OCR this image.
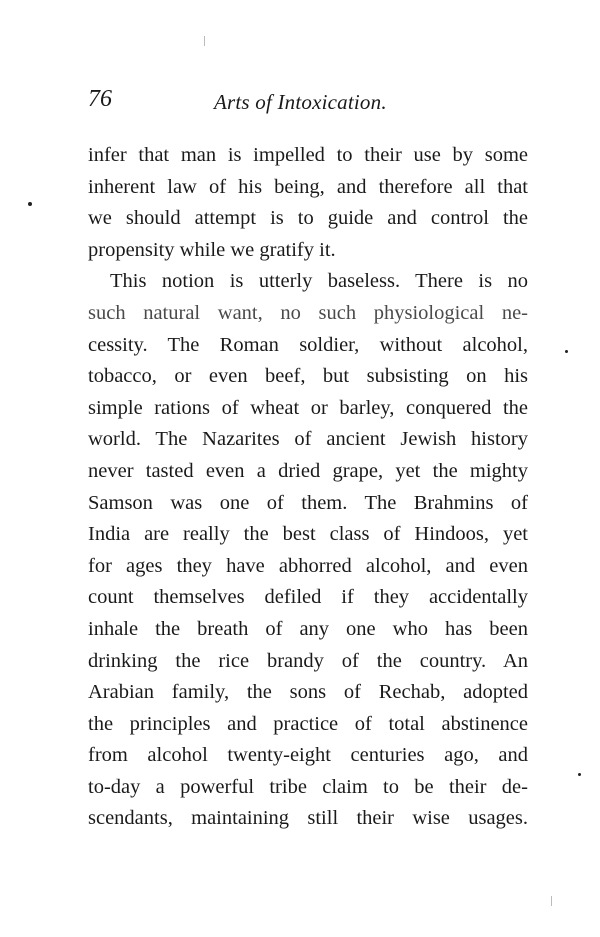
76	Arts of Intoxication.
infer that man is impelled to their use by some
inherent law of his being, and therefore all that
we should attempt is to guide and control the
propensity while we gratify it.
This notion is utterly baseless. There is no
such natural want, no such physiological ne-
cessity. The Roman soldier, without alcohol,
tobacco, or even beef, but subsisting on his
simple rations of wheat or barley, conquered the
world. The Nazarites of ancient Jewish history
never tasted even a dried grape, yet the mighty
Samson was one of them. The Brahmins of
India are really the best class of Hindoos, yet
for ages they have abhorred alcohol, and even
count themselves defiled if they accidentally
inhale the breath of any one who has been
drinking the rice brandy of the country. An
Arabian family, the sons of Rechab, adopted
the principles and practice of total abstinence
from alcohol twenty-eight centuries ago, and
to-day a powerful tribe claim to be their de-
scendants, maintaining still their wise usages.
